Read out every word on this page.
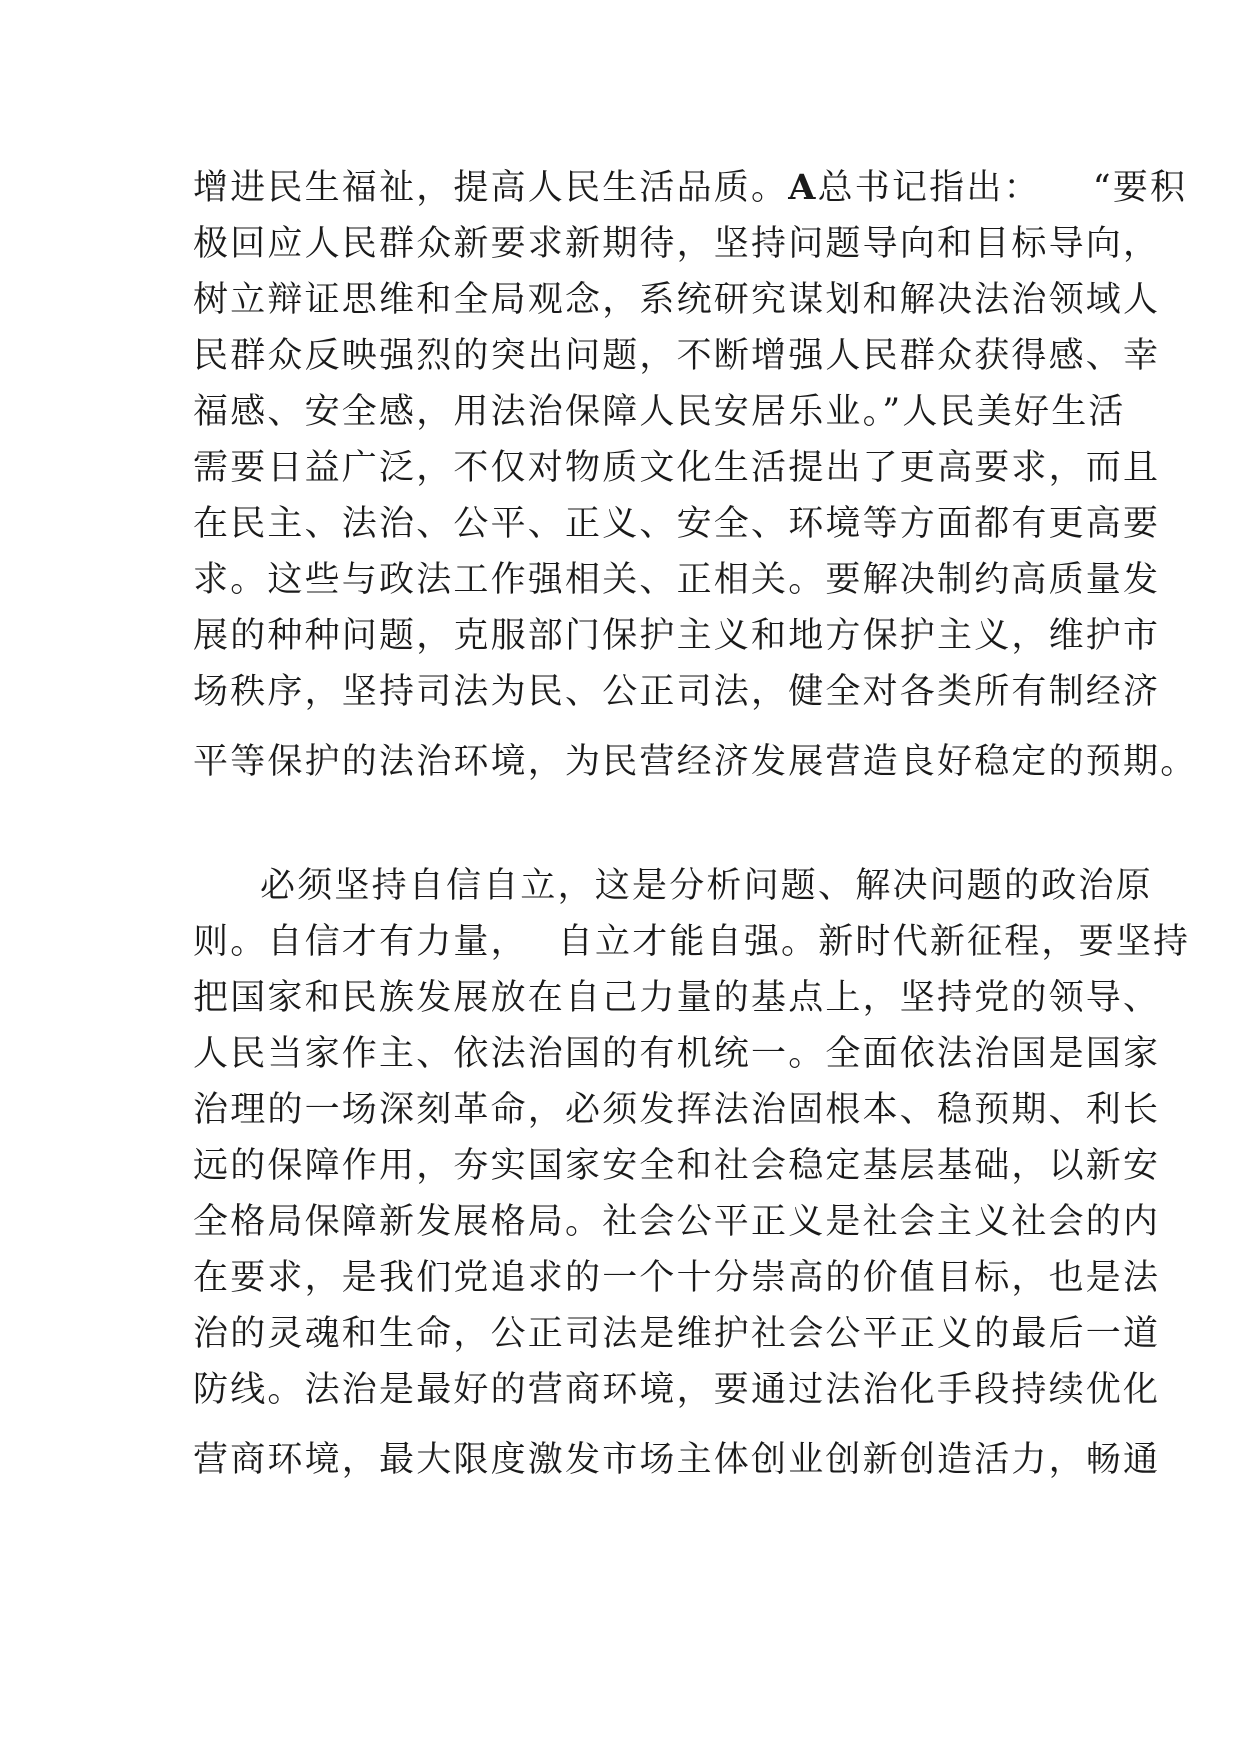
增进民生福祉，提高人民生活品质。A总书记指出： “要积
极回应人民群众新要求新期待，坚持问题导向和目标导向，
树立辩证思维和全局观念，系统研究谋划和解决法治领域人
民群众反映强烈的突出问题，不断增强人民群众获得感、幸
福感、安全感，用法治保障人民安居乐业。”人民美好生活
需要日益广泛，不仅对物质文化生活提出了更高要求，而且
在民主、法治、公平、正义、安全、环境等方面都有更高要
求。这些与政法工作强相关、正相关。要解决制约高质量发
展的种种问题，克服部门保护主义和地方保护主义，维护市
场秩序，坚持司法为民、公正司法，健全对各类所有制经济
平等保护的法治环境，为民营经济发展营造良好稳定的预期。
必须坚持自信自立，这是分析问题、解决问题的政治原
则。自信才有力量， 自立才能自强。新时代新征程，要坚持
把国家和民族发展放在自己力量的基点上，坚持党的领导、
人民当家作主、依法治国的有机统一。全面依法治国是国家
治理的一场深刻革命，必须发挥法治固根本、稳预期、利长
远的保障作用，夯实国家安全和社会稳定基层基础，以新安
全格局保障新发展格局。社会公平正义是社会主义社会的内
在要求，是我们党追求的一个十分崇高的价值目标，也是法
治的灵魂和生命，公正司法是维护社会公平正义的最后一道
防线。法治是最好的营商环境，要通过法治化手段持续优化
营商环境，最大限度激发市场主体创业创新创造活力，畅通
